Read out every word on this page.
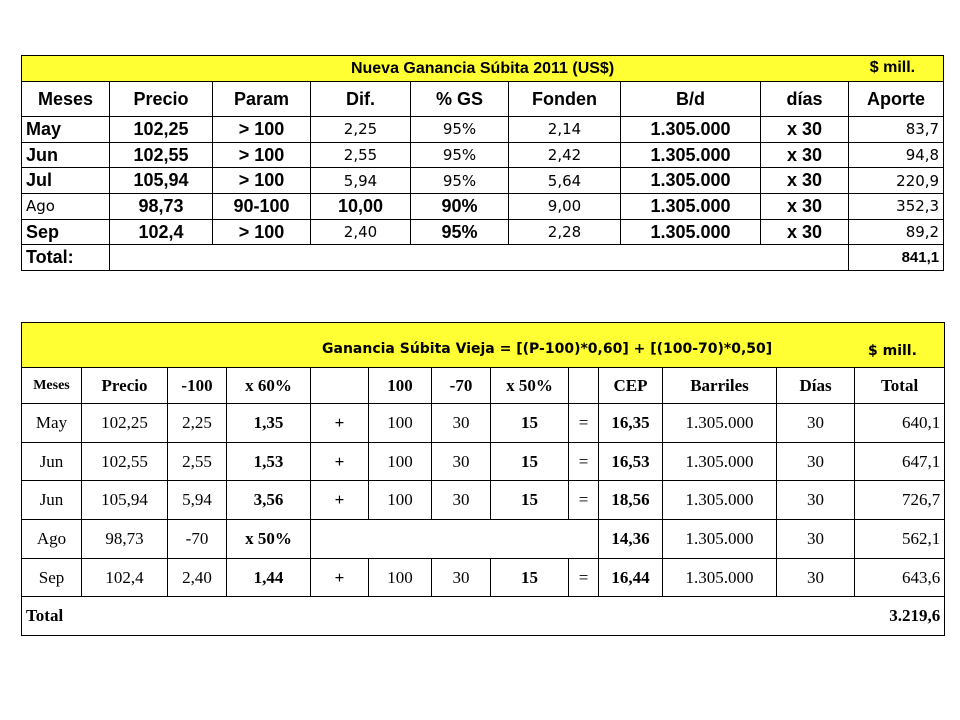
Nueva Ganancia Súbita 2011 (US$) $ mill.								

Meses	Precio	Param	Dif.	% GS	Fonden	B/d	días	Aporte
May	102,25	> 100	2,25	95%	2,14	1.305.000	x 30	83,7
Jun	102,55	> 100	2,55	95%	2,42	1.305.000	x 30	94,8
Jul	105,94	> 100	5,94	95%	5,64	1.305.000	x 30	220,9
Ago	98,73	90-100	10,00	90%	9,00	1.305.000	x 30	352,3
Sep	102,4	> 100	2,40	95%	2,28	1.305.000	x 30	89,2
Total:								841,1
Ganancia Súbita Vieja = [(P-100)*0,60] + [(100-70)*0,50] $ mill.												

Meses	Precio	-100	x 60%		100	-70	x 50%		CEP	Barriles	Días	Total
May	102,25	2,25	1,35	+	100	30	15	=	16,35	1.305.000	30	640,1
Jun	102,55	2,55	1,53	+	100	30	15	=	16,53	1.305.000	30	647,1
Jun	105,94	5,94	3,56	+	100	30	15	=	18,56	1.305.000	30	726,7
Ago	98,73	-70	x 50%						14,36	1.305.000	30	562,1
Sep	102,4	2,40	1,44	+	100	30	15	=	16,44	1.305.000	30	643,6
Total												3.219,6
